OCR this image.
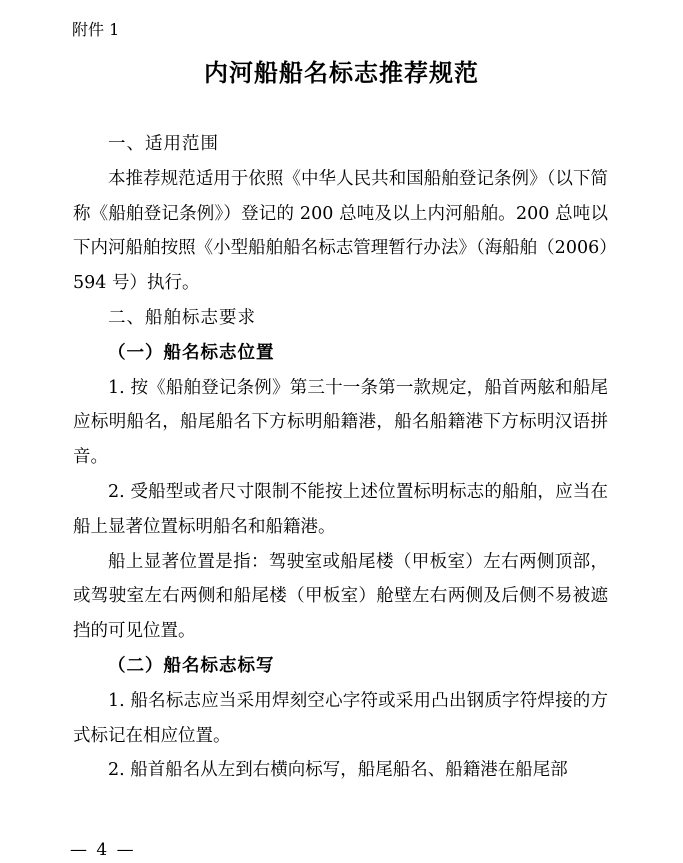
附件 1
内河船船名标志推荐规范

一、适用范围

本推荐规范适用于依照《中华人民共和国船舶登记条例》（以下简称《船舶登记条例》）登记的 200 总吨及以上内河船舶。200 总吨以下内河船舶按照《小型船舶船名标志管理暂行办法》（海船舶（2006）594 号）执行。

二、船舶标志要求

（一）船名标志位置

1. 按《船舶登记条例》第三十一条第一款规定，船首两舷和船尾应标明船名，船尾船名下方标明船籍港，船名船籍港下方标明汉语拼音。

2. 受船型或者尺寸限制不能按上述位置标明标志的船舶，应当在船上显著位置标明船名和船籍港。

船上显著位置是指：驾驶室或船尾楼（甲板室）左右两侧顶部，或驾驶室左右两侧和船尾楼（甲板室）舱壁左右两侧及后侧不易被遮挡的可见位置。

（二）船名标志标写

1. 船名标志应当采用焊刻空心字符或采用凸出钢质字符焊接的方式标记在相应位置。

2. 船首船名从左到右横向标写，船尾船名、船籍港在船尾部

— 4 —
